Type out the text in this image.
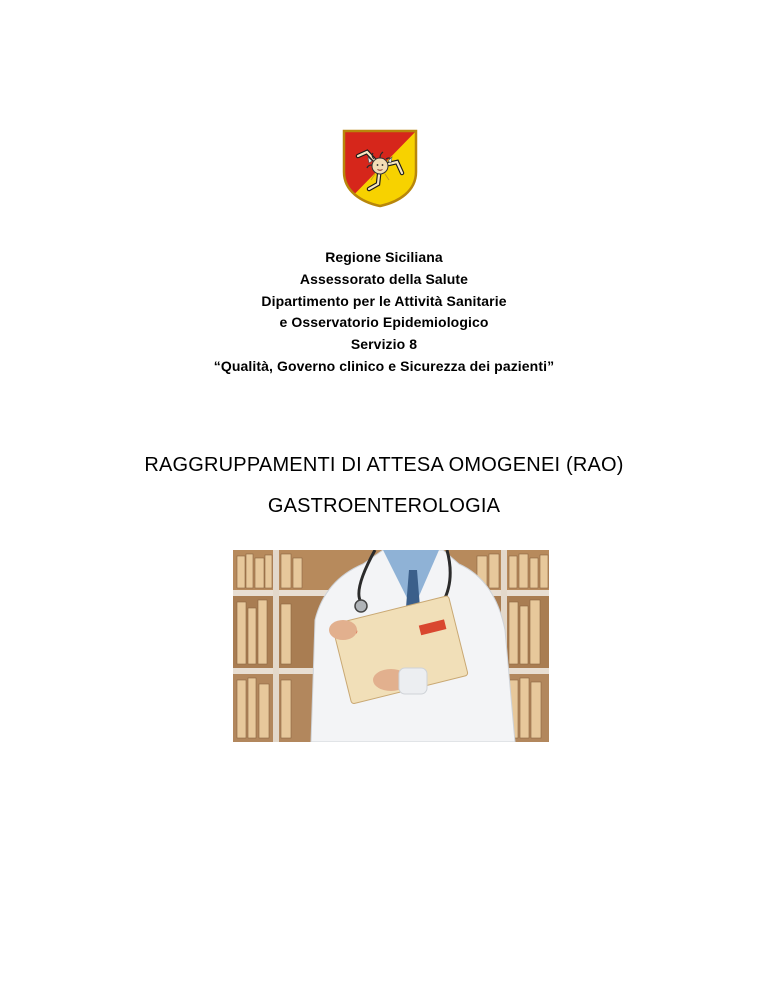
Regione Siciliana
Assessorato della Salute
Dipartimento per le Attività Sanitarie
e Osservatorio Epidemiologico
Servizio 8
“Qualità, Governo clinico e Sicurezza dei pazienti”
RAGGRUPPAMENTI DI ATTESA OMOGENEI (RAO)
GASTROENTEROLOGIA
